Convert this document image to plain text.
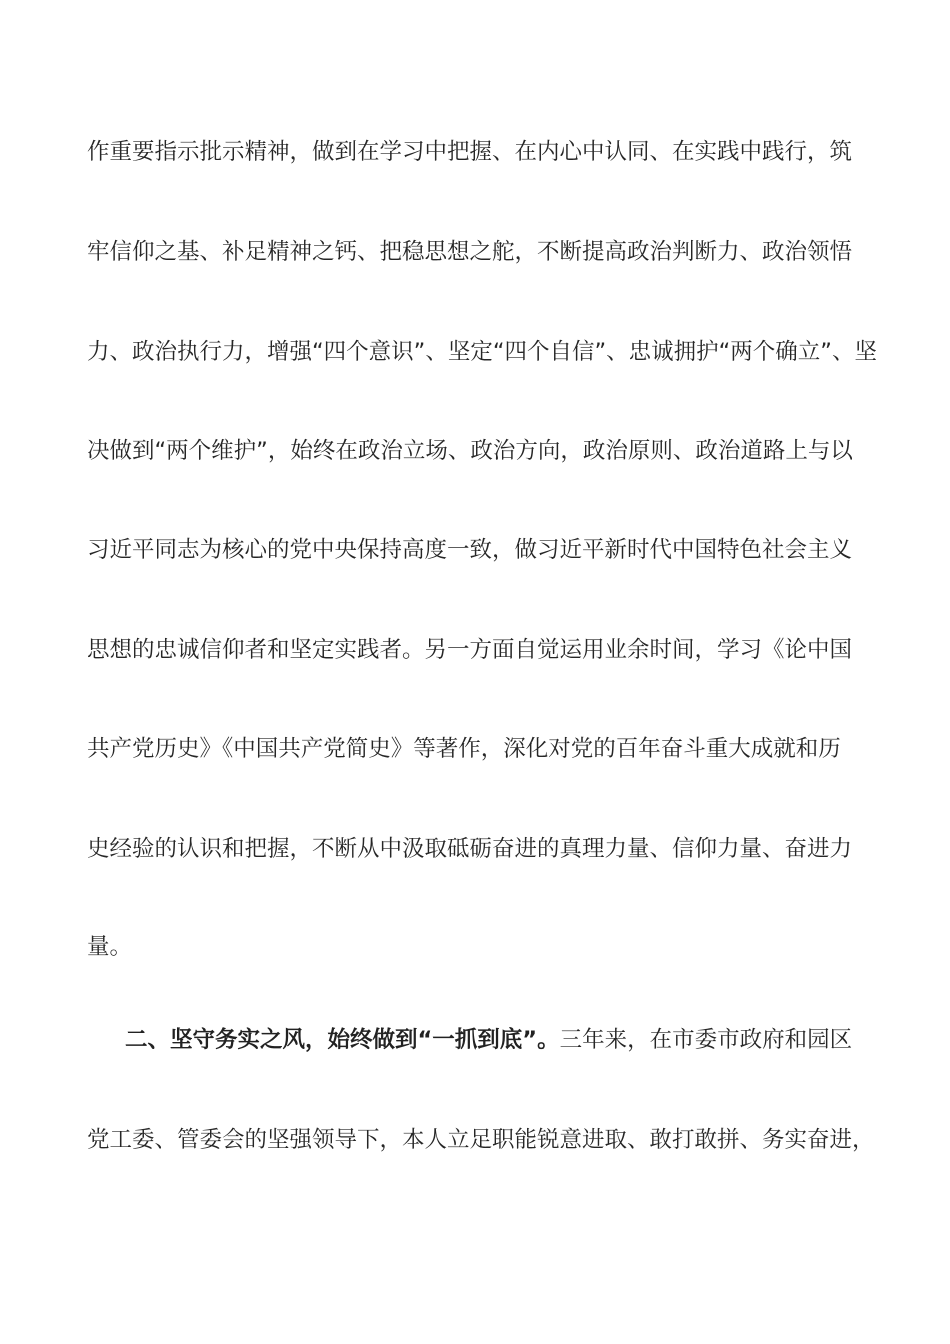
作重要指示批示精神，做到在学习中把握、在内心中认同、在实践中践行，筑
牢信仰之基、补足精神之钙、把稳思想之舵，不断提高政治判断力、政治领悟
力、政治执行力，增强“四个意识”、坚定“四个自信”、忠诚拥护“两个确立”、坚
决做到“两个维护”，始终在政治立场、政治方向，政治原则、政治道路上与以
习近平同志为核心的党中央保持高度一致，做习近平新时代中国特色社会主义
思想的忠诚信仰者和坚定实践者。另一方面自觉运用业余时间，学习《论中国
共产党历史》《中国共产党简史》等著作，深化对党的百年奋斗重大成就和历
史经验的认识和把握，不断从中汲取砥砺奋进的真理力量、信仰力量、奋进力
量。
二、坚守务实之风，始终做到“一抓到底”。三年来，在市委市政府和园区
党工委、管委会的坚强领导下，本人立足职能锐意进取、敢打敢拼、务实奋进，
